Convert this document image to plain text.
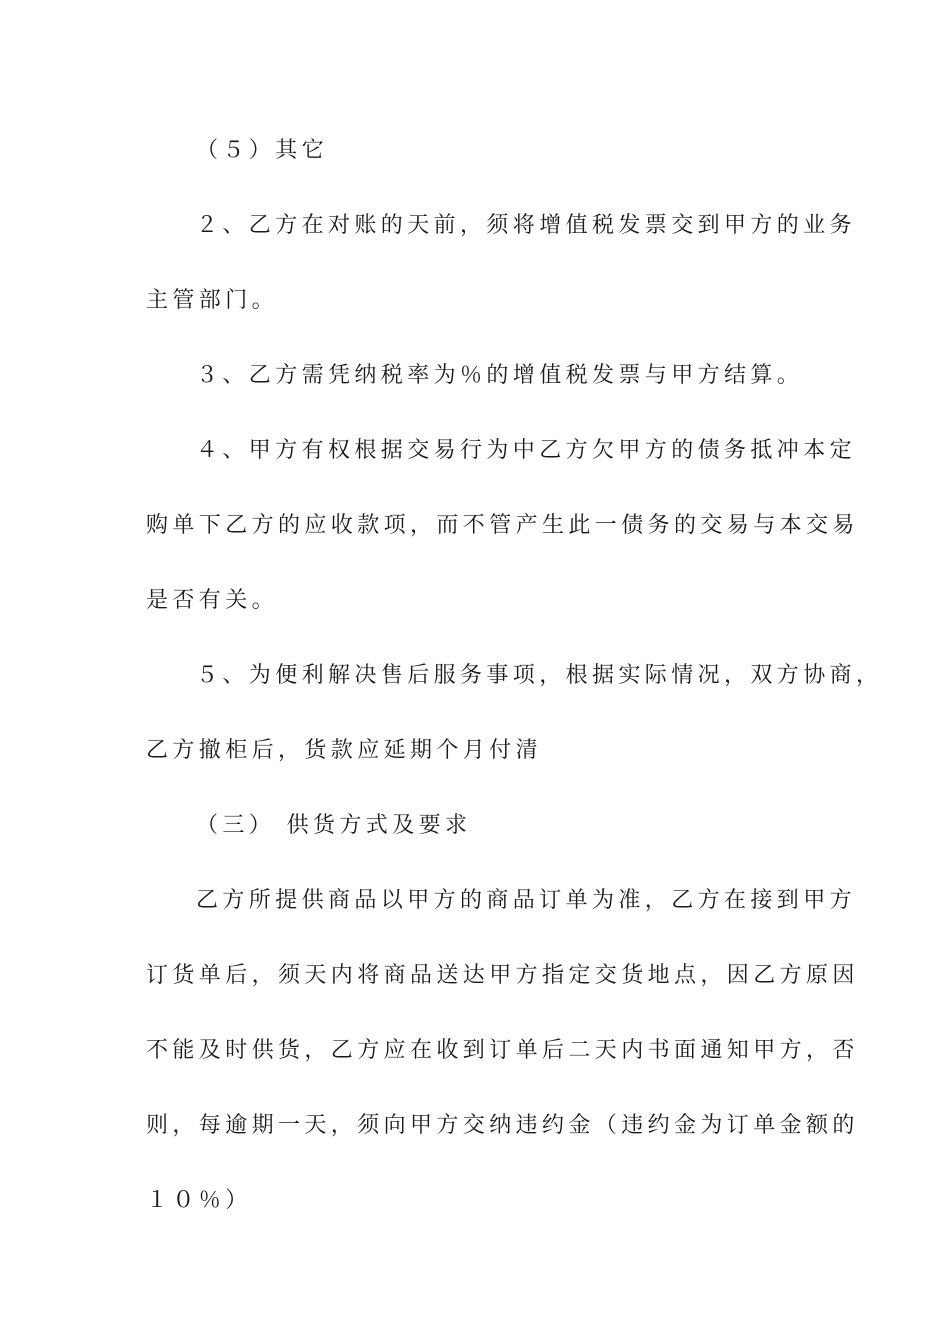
（５）其它
２、乙方在对账的天前，须将增值税发票交到甲方的业务
主管部门。
３、乙方需凭纳税率为％的增值税发票与甲方结算。
４、甲方有权根据交易行为中乙方欠甲方的债务抵冲本定
购单下乙方的应收款项，而不管产生此一债务的交易与本交易
是否有关。
５、为便利解决售后服务事项，根据实际情况，双方协商，
乙方撤柜后，货款应延期个月付清
（三） 供货方式及要求
乙方所提供商品以甲方的商品订单为准，乙方在接到甲方
订货单后，须天内将商品送达甲方指定交货地点，因乙方原因
不能及时供货，乙方应在收到订单后二天内书面通知甲方，否
则，每逾期一天，须向甲方交纳违约金（违约金为订单金额的
１０％）
